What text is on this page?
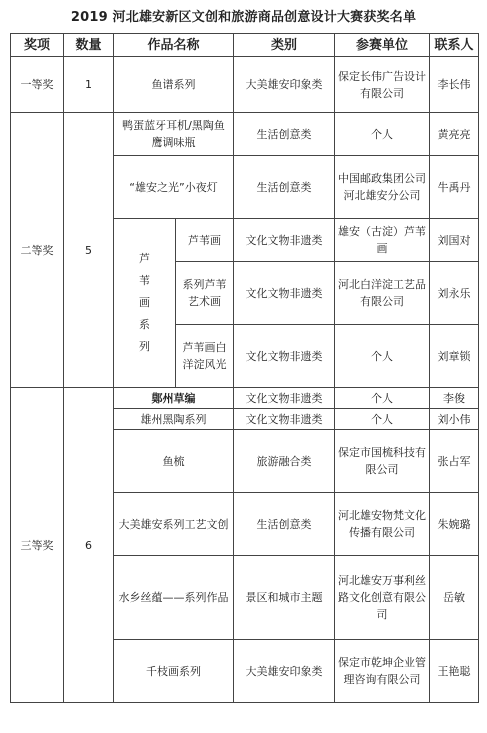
2019 河北雄安新区文创和旅游商品创意设计大赛获奖名单
奖项	数量	作品名称		类别	参赛单位	联系人
一等奖	1	鱼谱系列		大美雄安印象类	保定长伟广告设计有限公司	李长伟
二等奖	5	鸭蛋蓝牙耳机/黑陶鱼鹰调味瓶		生活创意类	个人	黄亮亮
		“雄安之光”小夜灯		生活创意类	中国邮政集团公司河北雄安分公司	牛禹丹

		芦苇画系列	芦苇画	文化文物非遗类	雄安（古淀）芦苇画	刘国对
			系列芦苇艺术画	文化文物非遗类	河北白洋淀工艺品有限公司	刘永乐
			芦苇画白洋淀风光	文化文物非遗类	个人	刘章锁
三等奖	6	鄚州草编		文化文物非遗类	个人	李俊
		雄州黑陶系列		文化文物非遗类	个人	刘小伟
		鱼梳		旅游融合类	保定市国梳科技有限公司	张占军
		大美雄安系列工艺文创		生活创意类	河北雄安物梵文化传播有限公司	朱婉璐
		水乡丝蕴——系列作品		景区和城市主题	河北雄安万事利丝路文化创意有限公司	岳敏
		千枝画系列		大美雄安印象类	保定市乾坤企业管理咨询有限公司	王艳聪
